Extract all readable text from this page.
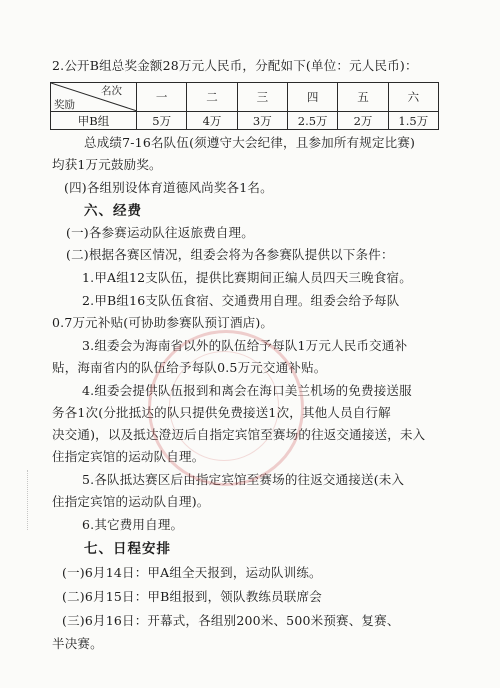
2.公开B组总奖金额28万元人民币，分配如下(单位：元人民币)：
名次
奖励	一	二	三	四	五	六
甲B组	5万	4万	3万	2.5万	2万	1.5万
总成绩7-16名队伍(须遵守大会纪律，且参加所有规定比赛)
均获1万元鼓励奖。
(四)各组别设体育道德风尚奖各1名。
六、经费
(一)各参赛运动队往返旅费自理。
(二)根据各赛区情况，组委会将为各参赛队提供以下条件：
1.甲A组12支队伍，提供比赛期间正编人员四天三晚食宿。
2.甲B组16支队伍食宿、交通费用自理。组委会给予每队
0.7万元补贴(可协助参赛队预订酒店)。
3.组委会为海南省以外的队伍给予每队1万元人民币交通补
贴，海南省内的队伍给予每队0.5万元交通补贴。
4.组委会提供队伍报到和离会在海口美兰机场的免费接送服
务各1次(分批抵达的队只提供免费接送1次，其他人员自行解
决交通)，以及抵达澄迈后自指定宾馆至赛场的往返交通接送，未入
住指定宾馆的运动队自理。
5.各队抵达赛区后由指定宾馆至赛场的往返交通接送(未入
住指定宾馆的运动队自理)。
6.其它费用自理。
七、日程安排
(一)6月14日：甲A组全天报到，运动队训练。
(二)6月15日：甲B组报到，领队教练员联席会
(三)6月16日：开幕式，各组别200米、500米预赛、复赛、
半决赛。
